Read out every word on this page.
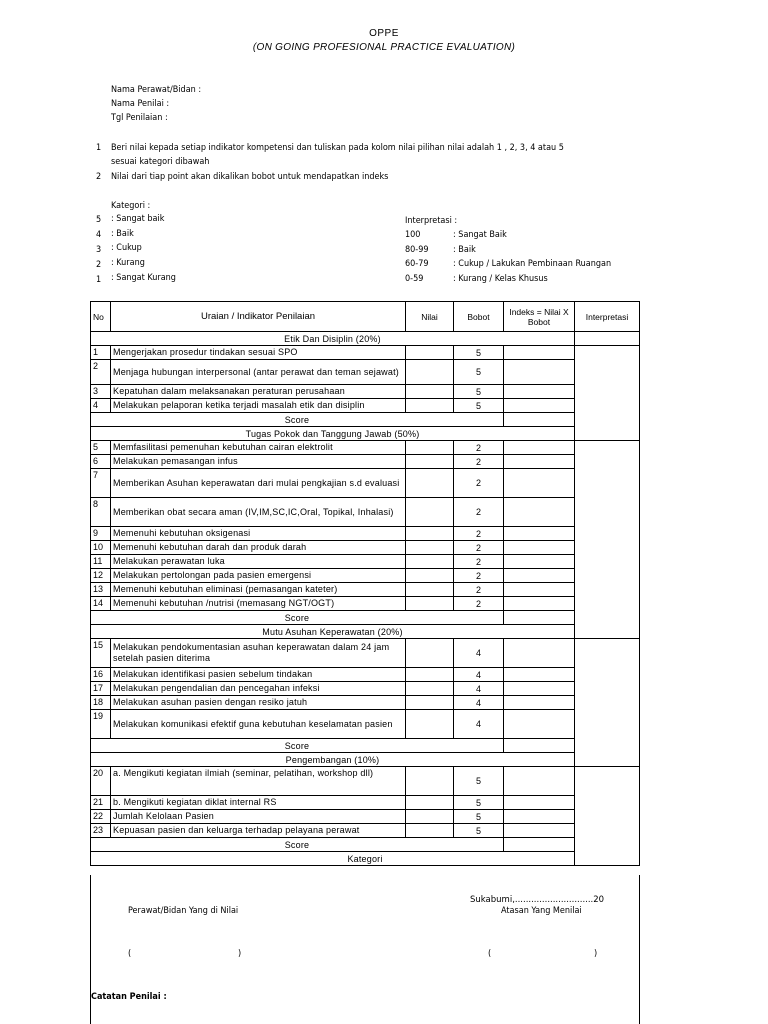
OPPE
(ON GOING PROFESIONAL PRACTICE EVALUATION)
Nama Perawat/Bidan :
Nama Penilai :
Tgl Penilaian :
1 Beri nilai kepada setiap indikator kompetensi dan tuliskan pada kolom nilai pilihan nilai adalah 1 , 2, 3, 4 atau 5
sesuai kategori dibawah
2 Nilai dari tiap point akan dikalikan bobot untuk mendapatkan indeks
Kategori :
5 : Sangat baik
4 : Baik
3 : Cukup
2 : Kurang
1 : Sangat Kurang
Interpretasi :
100	: Sangat Baik
80-99	: Baik
60-79	: Cukup / Lakukan Pembinaan Ruangan
0-59	: Kurang / Kelas Khusus
No	Uraian / Indikator Penilaian	Nilai	Bobot	Indeks = Nilai X Bobot	Interpretasi	
Etik Dan Disiplin (20%)						
1	Mengerjakan prosedur tindakan sesuai SPO		5			
2	Menjaga hubungan interpersonal (antar perawat dan teman sejawat)		5			
3	Kepatuhan dalam melaksanakan peraturan perusahaan		5			
4	Melakukan pelaporan ketika terjadi masalah etik dan disiplin		5			
Score						
Tugas Pokok dan Tanggung Jawab (50%)						
5	Memfasilitasi pemenuhan kebutuhan cairan elektrolit		2			
6	Melakukan pemasangan infus		2			
7	Memberikan Asuhan keperawatan dari mulai pengkajian s.d evaluasi		2			
8	Memberikan obat secara aman (IV,IM,SC,IC,Oral, Topikal, Inhalasi)		2			
9	Memenuhi kebutuhan oksigenasi		2			
10	Memenuhi kebutuhan darah dan produk darah		2			
11	Melakukan perawatan luka		2			
12	Melakukan pertolongan pada pasien emergensi		2			
13	Memenuhi kebutuhan eliminasi (pemasangan kateter)		2			
14	Memenuhi kebutuhan /nutrisi (memasang NGT/OGT)		2			
Score						
Mutu Asuhan Keperawatan (20%)						
15	Melakukan pendokumentasian asuhan keperawatan dalam 24 jam setelah pasien diterima		4			
16	Melakukan identifikasi pasien sebelum tindakan		4			
17	Melakukan pengendalian dan pencegahan infeksi		4			
18	Melakukan asuhan pasien dengan resiko jatuh		4			
19	Melakukan komunikasi efektif guna kebutuhan keselamatan pasien		4			
Score						
Pengembangan (10%)						
20	a. Mengikuti kegiatan ilmiah (seminar, pelatihan, workshop dll)		5			
21	b. Mengikuti kegiatan diklat internal RS		5			
22	Jumlah Kelolaan Pasien		5			
23	Kepuasan pasien dan keluarga terhadap pelayana perawat		5			
Score						
Kategori						
Sukabumi,.............................20
Perawat/Bidan Yang di Nilai	Atasan Yang Menilai
(	)	(	)
Catatan Penilai :
